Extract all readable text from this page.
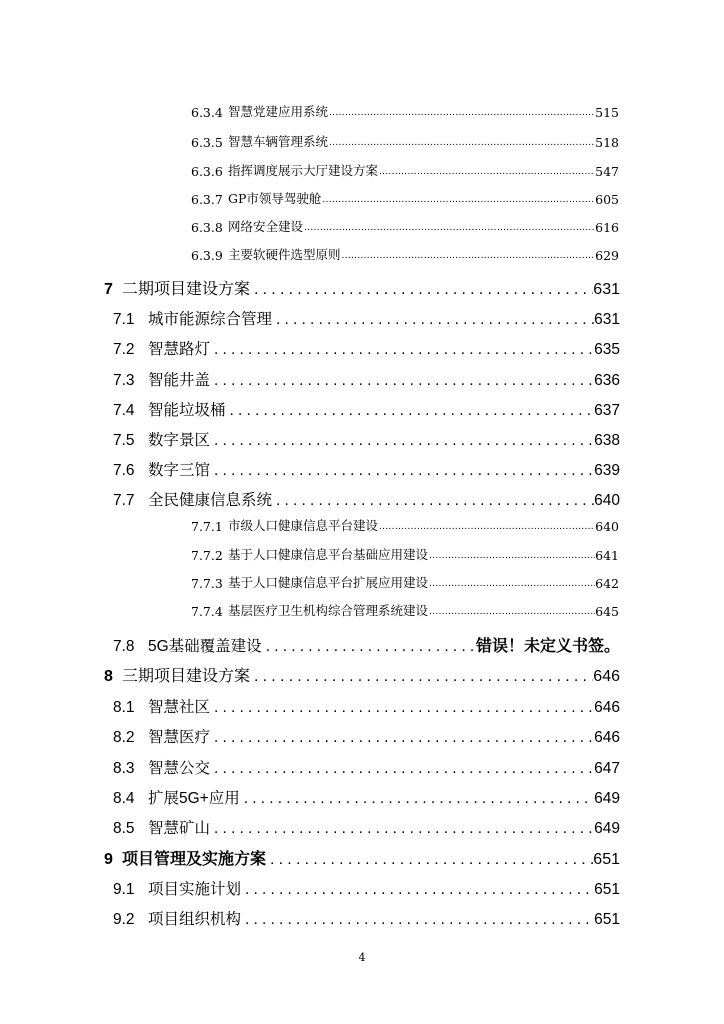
6.3.4 智慧党建应用系统 .....	515
6.3.5 智慧车辆管理系统 .....	518
6.3.6 指挥调度展示大厅建设方案 .....	547
6.3.7 GP市领导驾驶舱 .....	605
6.3.8 网络安全建设 .....	616
6.3.9 主要软硬件选型原则 .....	629
7 二期项目建设方案 .....	631
7.1 城市能源综合管理 .....	631
7.2 智慧路灯 .....	635
7.3 智能井盖 .....	636
7.4 智能垃圾桶 .....	637
7.5 数字景区 .....	638
7.6 数字三馆 .....	639
7.7 全民健康信息系统 .....	640
7.7.1 市级人口健康信息平台建设 .....	640
7.7.2 基于人口健康信息平台基础应用建设 .....	641
7.7.3 基于人口健康信息平台扩展应用建设 .....	642
7.7.4 基层医疗卫生机构综合管理系统建设 .....	645
7.8 5G基础覆盖建设 .....	错误！未定义书签。
8 三期项目建设方案 .....	646
8.1 智慧社区 .....	646
8.2 智慧医疗 .....	646
8.3 智慧公交 .....	647
8.4 扩展5G+应用 .....	649
8.5 智慧矿山 .....	649
9 项目管理及实施方案 .....	651
9.1 项目实施计划 .....	651
9.2 项目组织机构 .....	651
4
